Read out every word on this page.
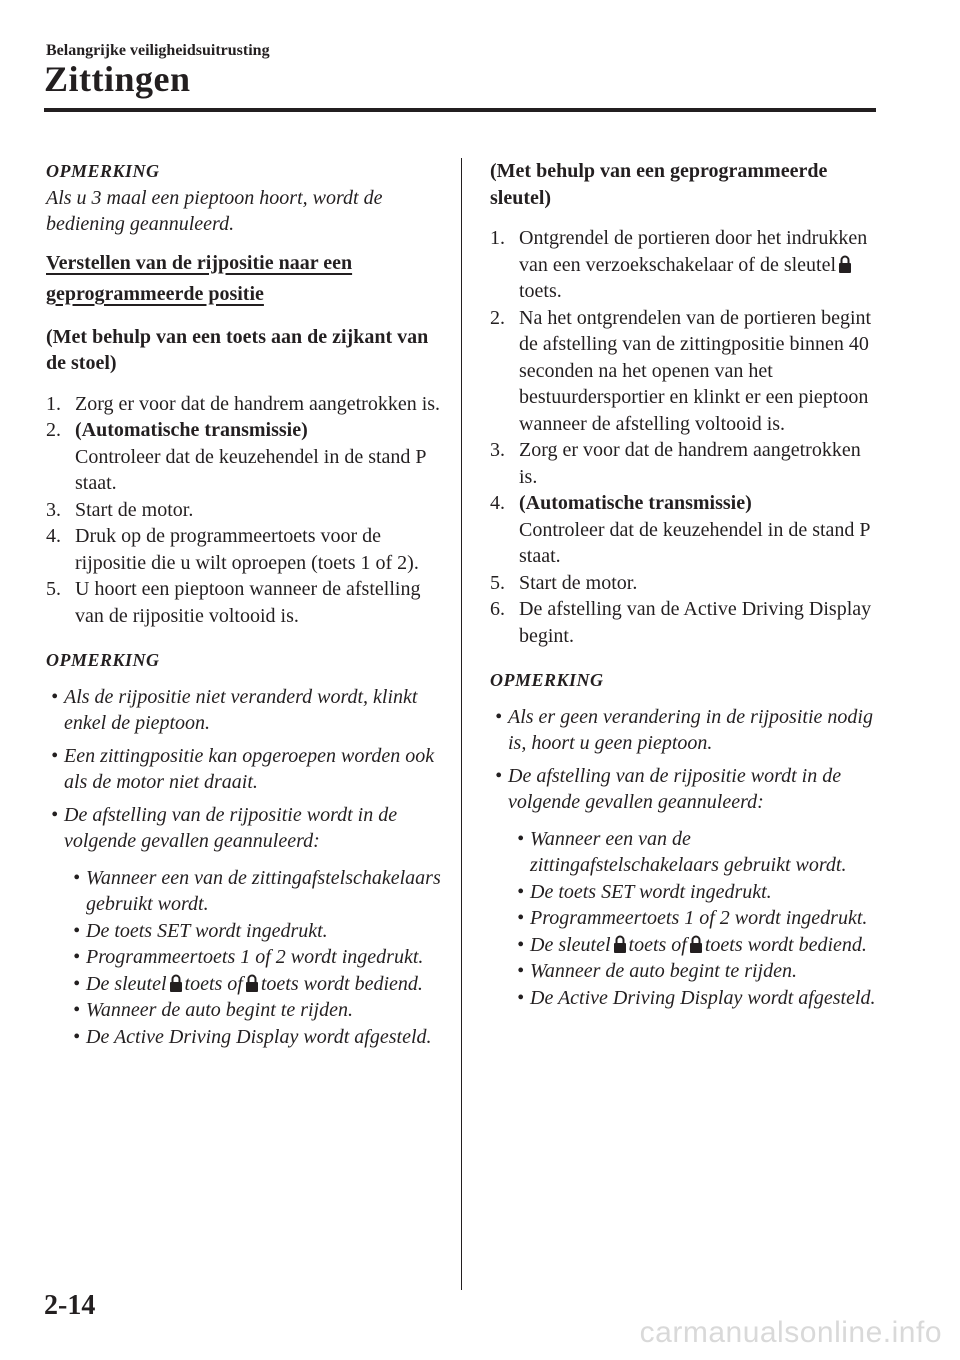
Belangrijke veiligheidsuitrusting
Zittingen

OPMERKING

Als u 3 maal een pieptoon hoort, wordt de bediening geannuleerd.

Verstellen van de rijpositie naar een
geprogrammeerde positie

(Met behulp van een toets aan de zijkant van de stoel)

1. Zorg er voor dat de handrem aangetrokken is.
2. (Automatische transmissie)
Controleer dat de keuzehendel in de stand P staat.
3. Start de motor.
4. Druk op de programmeertoets voor de rijpositie die u wilt oproepen (toets 1 of 2).
5. U hoort een pieptoon wanneer de afstelling van de rijpositie voltooid is.

OPMERKING

• Als de rijpositie niet veranderd wordt, klinkt enkel de pieptoon.
• Een zittingpositie kan opgeroepen worden ook als de motor niet draait.
• De afstelling van de rijpositie wordt in de volgende gevallen geannuleerd:
• Wanneer een van de zittingafstelschakelaars gebruikt wordt.
• De toets SET wordt ingedrukt.
• Programmeertoets 1 of 2 wordt ingedrukt.
• De sleutel toets of toets wordt bediend.
• Wanneer de auto begint te rijden.
• De Active Driving Display wordt afgesteld.

(Met behulp van een geprogrammeerde sleutel)

1. Ontgrendel de portieren door het indrukken van een verzoekschakelaar of de sleuteltoets.
2. Na het ontgrendelen van de portieren begint de afstelling van de zittingpositie binnen 40 seconden na het openen van het bestuurdersportier en klinkt er een pieptoon wanneer de afstelling voltooid is.
3. Zorg er voor dat de handrem aangetrokken is.
4. (Automatische transmissie)
Controleer dat de keuzehendel in de stand P staat.
5. Start de motor.
6. De afstelling van de Active Driving Display begint.

OPMERKING

• Als er geen verandering in de rijpositie nodig is, hoort u geen pieptoon.
• De afstelling van de rijpositie wordt in de volgende gevallen geannuleerd:
• Wanneer een van de zittingafstelschakelaars gebruikt wordt.
• De toets SET wordt ingedrukt.
• Programmeertoets 1 of 2 wordt ingedrukt.
• De sleutel toets of toets wordt bediend.
• Wanneer de auto begint te rijden.
• De Active Driving Display wordt afgesteld.
2-14
carmanualsonline.info
